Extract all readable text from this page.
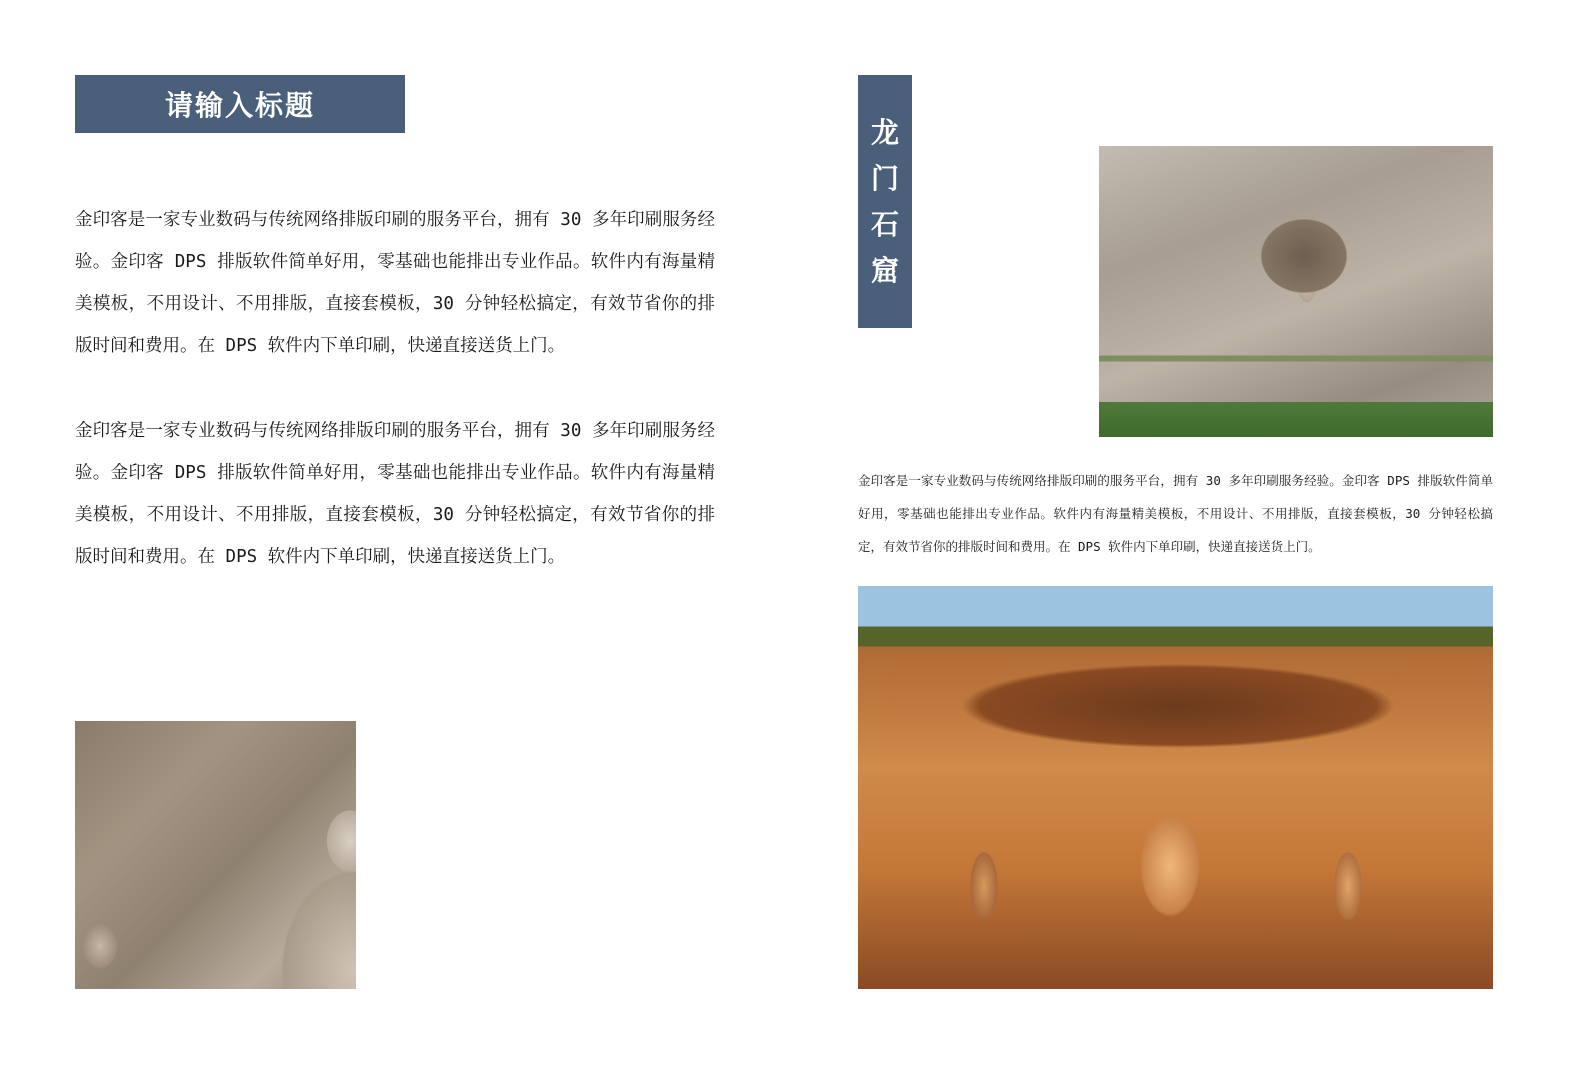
请输入标题

金印客是一家专业数码与传统网络排版印刷的服务平台，拥有 30 多年印刷服务经验。金印客 DPS 排版软件简单好用，零基础也能排出专业作品。软件内有海量精美模板，不用设计、不用排版，直接套模板，30 分钟轻松搞定，有效节省你的排版时间和费用。在 DPS 软件内下单印刷，快递直接送货上门。

金印客是一家专业数码与传统网络排版印刷的服务平台，拥有 30 多年印刷服务经验。金印客 DPS 排版软件简单好用，零基础也能排出专业作品。软件内有海量精美模板，不用设计、不用排版，直接套模板，30 分钟轻松搞定，有效节省你的排版时间和费用。在 DPS 软件内下单印刷，快递直接送货上门。

龙
门
石
窟

金印客是一家专业数码与传统网络排版印刷的服务平台，拥有 30 多年印刷服务经验。金印客 DPS 排版软件简单好用，零基础也能排出专业作品。软件内有海量精美模板，不用设计、不用排版，直接套模板，30 分钟轻松搞定，有效节省你的排版时间和费用。在 DPS 软件内下单印刷，快递直接送货上门。
